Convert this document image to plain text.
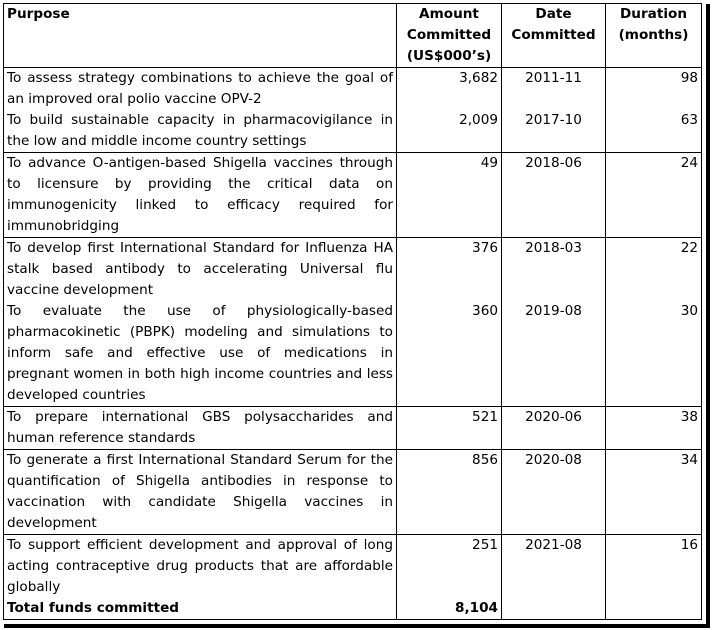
Purpose	Amount Committed (US$000’s)	Date Committed	Duration (months)
To assess strategy combinations to achieve the goal of an improved oral polio vaccine OPV-2	3,682	2011-11	98
To build sustainable capacity in pharmacovigilance in the low and middle income country settings	2,009	2017-10	63
To advance O-antigen-based Shigella vaccines through to licensure by providing the critical data on immunogenicity linked to efficacy required for immunobridging	49	2018-06	24
To develop first International Standard for Influenza HA stalk based antibody to accelerating Universal flu vaccine development	376	2018-03	22
To evaluate the use of physiologically-based pharmacokinetic (PBPK) modeling and simulations to inform safe and effective use of medications in pregnant women in both high income countries and less developed countries	360	2019-08	30
To prepare international GBS polysaccharides and human reference standards	521	2020-06	38
To generate a first International Standard Serum for the quantification of Shigella antibodies in response to vaccination with candidate Shigella vaccines in development	856	2020-08	34
To support efficient development and approval of long acting contraceptive drug products that are affordable globally	251	2021-08	16
Total funds committed	8,104		
